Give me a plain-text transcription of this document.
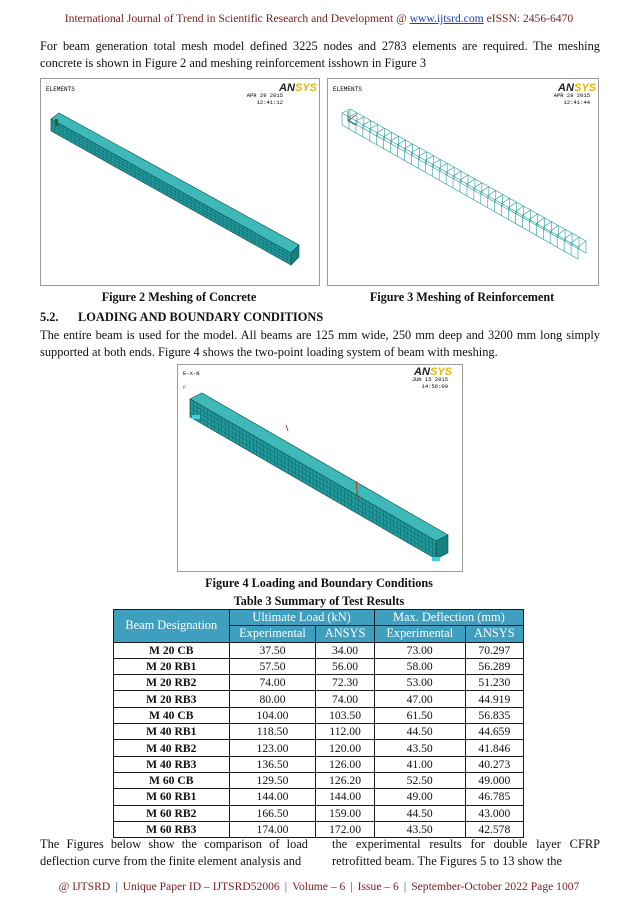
International Journal of Trend in Scientific Research and Development @ www.ijtsrd.com eISSN: 2456-6470
For beam generation total mesh model defined 3225 nodes and 2783 elements are required. The meshing concrete is shown in Figure 2 and meshing reinforcement isshown in Figure 3
ELEMENTS
APR 29 2015
12:41:12
AN SYS	ELEMENTS
APR 29 2015
12:41:44
AN SYS
Figure 2 Meshing of Concrete	Figure 3 Meshing of Reinforcement
5.2. LOADING AND BOUNDARY CONDITIONS
The entire beam is used for the model. All beams are 125 mm wide, 250 mm deep and 3200 mm long simply supported at both ends. Figure 4 shows the two-point loading system of beam with meshing.
E-X-N
F
JUN 15 2015
14:56:09
AN SYS
Figure 4 Loading and Boundary Conditions
Table 3 Summary of Test Results
Beam Designation	Ultimate Load (kN)		Max. Deflection (mm)	
	Experimental	ANSYS	Experimental	ANSYS
M 20 CB	37.50	34.00	73.00	70.297
M 20 RB1	57.50	56.00	58.00	56.289
M 20 RB2	74.00	72.30	53.00	51.230
M 20 RB3	80.00	74.00	47.00	44.919
M 40 CB	104.00	103.50	61.50	56.835
M 40 RB1	118.50	112.00	44.50	44.659
M 40 RB2	123.00	120.00	43.50	41.846
M 40 RB3	136.50	126.00	41.00	40.273
M 60 CB	129.50	126.20	52.50	49.000
M 60 RB1	144.00	144.00	49.00	46.785
M 60 RB2	166.50	159.00	44.50	43.000
M 60 RB3	174.00	172.00	43.50	42.578
The Figures below show the comparison of load deflection curve from the finite element analysis and
the experimental results for double layer CFRP retrofitted beam. The Figures 5 to 13 show the
@ IJTSRD | Unique Paper ID – IJTSRD52006 | Volume – 6 | Issue – 6 | September-October 2022 Page 1007
